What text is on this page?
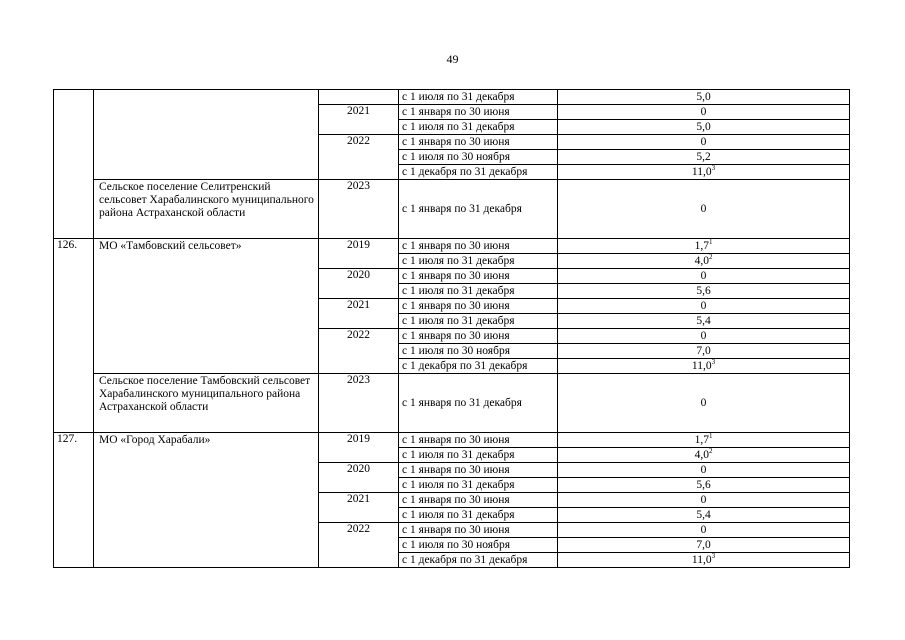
49
			с 1 июля по 31 декабря	5,0
		2021	с 1 января по 30 июня	0
			с 1 июля по 31 декабря	5,0
		2022	с 1 января по 30 июня	0
			с 1 июля по 30 ноября	5,2
			с 1 декабря по 31 декабря	11,0$^3$
	Сельское поселение Селитренский сельсовет Харабалинского муниципального района Астраханской области	2023	с 1 января по 31 декабря	0
126.	МО «Тамбовский сельсовет»	2019	с 1 января по 30 июня	$1,7^1$
			с 1 июля по 31 декабря	$4,0^2$
		2020	с 1 января по 30 июня	0
			с 1 июля по 31 декабря	5,6
		2021	с 1 января по 30 июня	0
			с 1 июля по 31 декабря	5,4
		2022	с 1 января по 30 июня	0
			с 1 июля по 30 ноября	7,0
			с 1 декабря по 31 декабря	11,0$^3$
	Сельское поселение Тамбовский сельсовет Харабалинского муниципального района Астраханской области	2023	с 1 января по 31 декабря	0
127.	МО «Город Харабали»	2019	с 1 января по 30 июня	$1,7^1$
			с 1 июля по 31 декабря	$4,0^2$
		2020	с 1 января по 30 июня	0
			с 1 июля по 31 декабря	5,6
		2021	с 1 января по 30 июня	0
			с 1 июля по 31 декабря	5,4
		2022	с 1 января по 30 июня	0
			с 1 июля по 30 ноября	7,0
			с 1 декабря по 31 декабря	11,0$^3$
